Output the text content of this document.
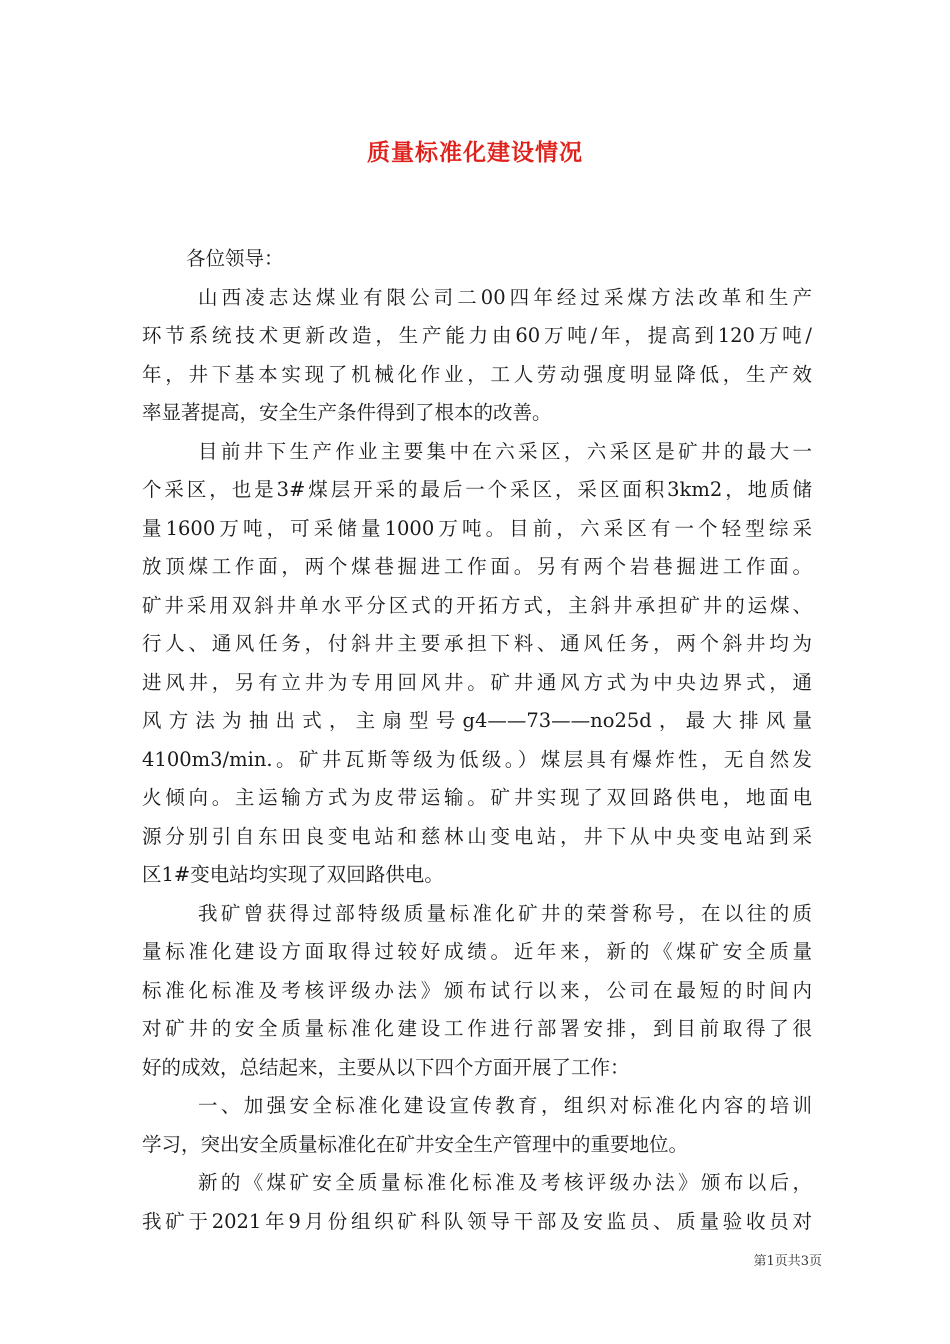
质量标准化建设情况
各位领导：
山西凌志达煤业有限公司二00四年经过采煤方法改革和生产
环节系统技术更新改造，生产能力由60万吨/年，提高到120万吨/
年，井下基本实现了机械化作业，工人劳动强度明显降低，生产效
率显著提高，安全生产条件得到了根本的改善。
目前井下生产作业主要集中在六采区，六采区是矿井的最大一
个采区，也是3#煤层开采的最后一个采区，采区面积3km2，地质储
量1600万吨，可采储量1000万吨。目前，六采区有一个轻型综采
放顶煤工作面，两个煤巷掘进工作面。另有两个岩巷掘进工作面。
矿井采用双斜井单水平分区式的开拓方式，主斜井承担矿井的运煤、
行人、通风任务，付斜井主要承担下料、通风任务，两个斜井均为
进风井，另有立井为专用回风井。矿井通风方式为中央边界式，通
风方法为抽出式，主扇型号g4——73——no25d，最大排风量
4100m3/min.。矿井瓦斯等级为低级。）煤层具有爆炸性，无自然发
火倾向。主运输方式为皮带运输。矿井实现了双回路供电，地面电
源分别引自东田良变电站和慈林山变电站，井下从中央变电站到采
区1#变电站均实现了双回路供电。
我矿曾获得过部特级质量标准化矿井的荣誉称号，在以往的质
量标准化建设方面取得过较好成绩。近年来，新的《煤矿安全质量
标准化标准及考核评级办法》颁布试行以来，公司在最短的时间内
对矿井的安全质量标准化建设工作进行部署安排，到目前取得了很
好的成效，总结起来，主要从以下四个方面开展了工作：
一、加强安全标准化建设宣传教育，组织对标准化内容的培训
学习，突出安全质量标准化在矿井安全生产管理中的重要地位。
新的《煤矿安全质量标准化标准及考核评级办法》颁布以后，
我矿于2021年9月份组织矿科队领导干部及安监员、质量验收员对
第1页共3页
